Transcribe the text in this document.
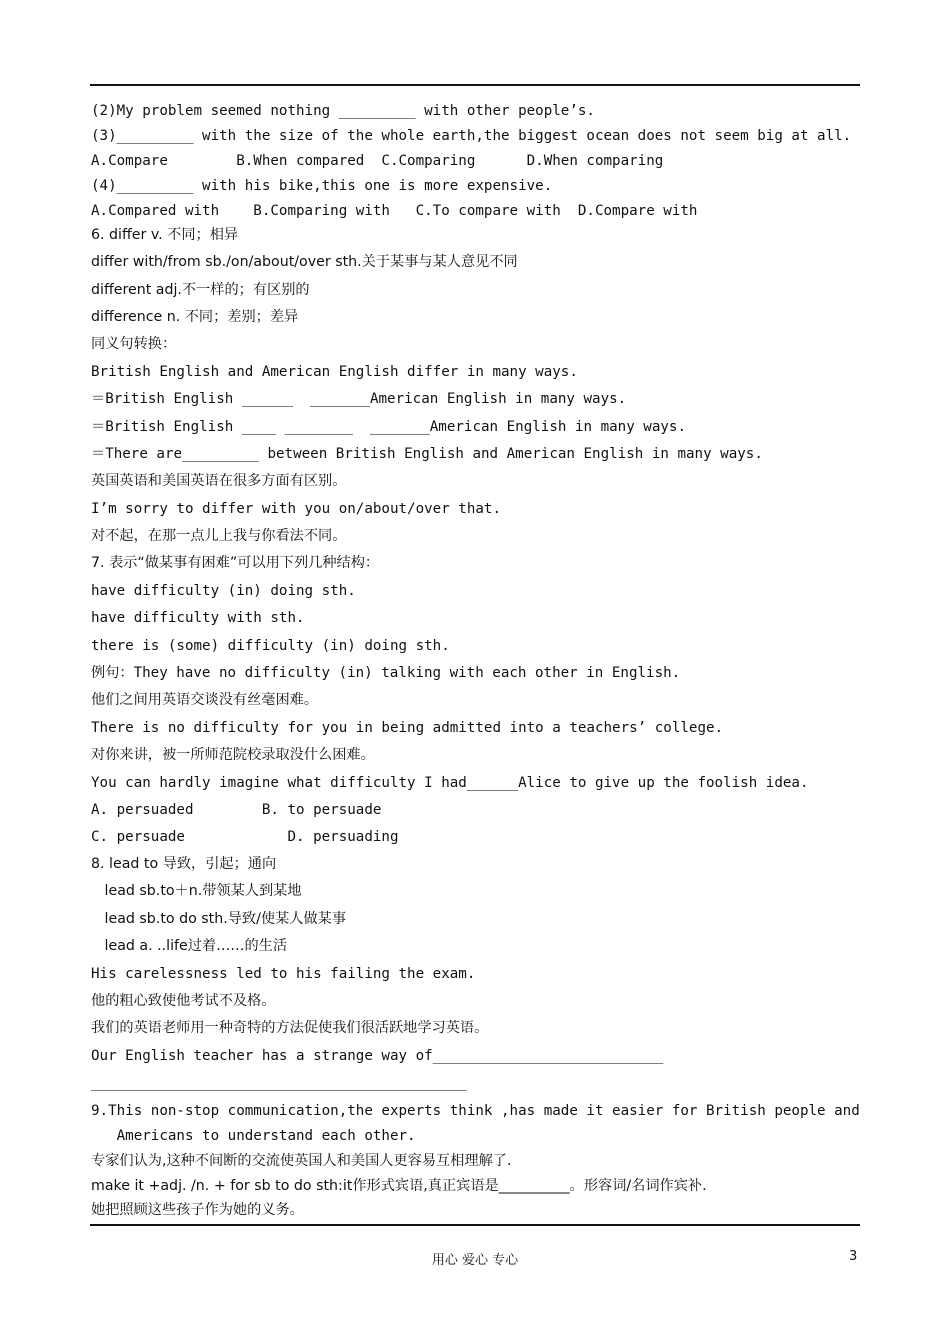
(2)My problem seemed nothing _________ with other people’s.
(3)_________ with the size of the whole earth,the biggest ocean does not seem big at all.
A.Compare        B.When compared  C.Comparing      D.When comparing
(4)_________ with his bike,this one is more expensive.
A.Compared with    B.Comparing with   C.To compare with  D.Compare with
6. differ v. 不同；相异
differ with/from sb./on/about/over sth.关于某事与某人意见不同
different adj.不一样的；有区别的
difference n. 不同；差别；差异
同义句转换：
British English and American English differ in many ways.
＝British English ______  _______American English in many ways.
＝British English ____ ________  _______American English in many ways.
＝There are_________ between British English and American English in many ways.
英国英语和美国英语在很多方面有区别。
I’m sorry to differ with you on/about/over that.
对不起，在那一点儿上我与你看法不同。
7. 表示“做某事有困难”可以用下列几种结构：
have difficulty (in) doing sth.
have difficulty with sth.
there is (some) difficulty (in) doing sth.
例句：They have no difficulty (in) talking with each other in English.
他们之间用英语交谈没有丝毫困难。
There is no difficulty for you in being admitted into a teachers’ college.
对你来讲，被一所师范院校录取没什么困难。
You can hardly imagine what difficulty I had______Alice to give up the foolish idea.
A. persuaded        B. to persuade
C. persuade            D. persuading
8. lead to 导致，引起；通向
lead sb.to＋n.带领某人到某地
lead sb.to do sth.导致/使某人做某事
lead a. ..life过着……的生活
His carelessness led to his failing the exam.
他的粗心致使他考试不及格。
我们的英语老师用一种奇特的方法促使我们很活跃地学习英语。
Our English teacher has a strange way of___________________________
____________________________________________
9.This non-stop communication,the experts think ,has made it easier for British people and
Americans to understand each other.
专家们认为,这种不间断的交流使英国人和美国人更容易互相理解了.
make it +adj. /n. + for sb to do sth:it作形式宾语,真正宾语是__________。形容词/名词作宾补.
她把照顾这些孩子作为她的义务。
用心 爱心 专心	3
